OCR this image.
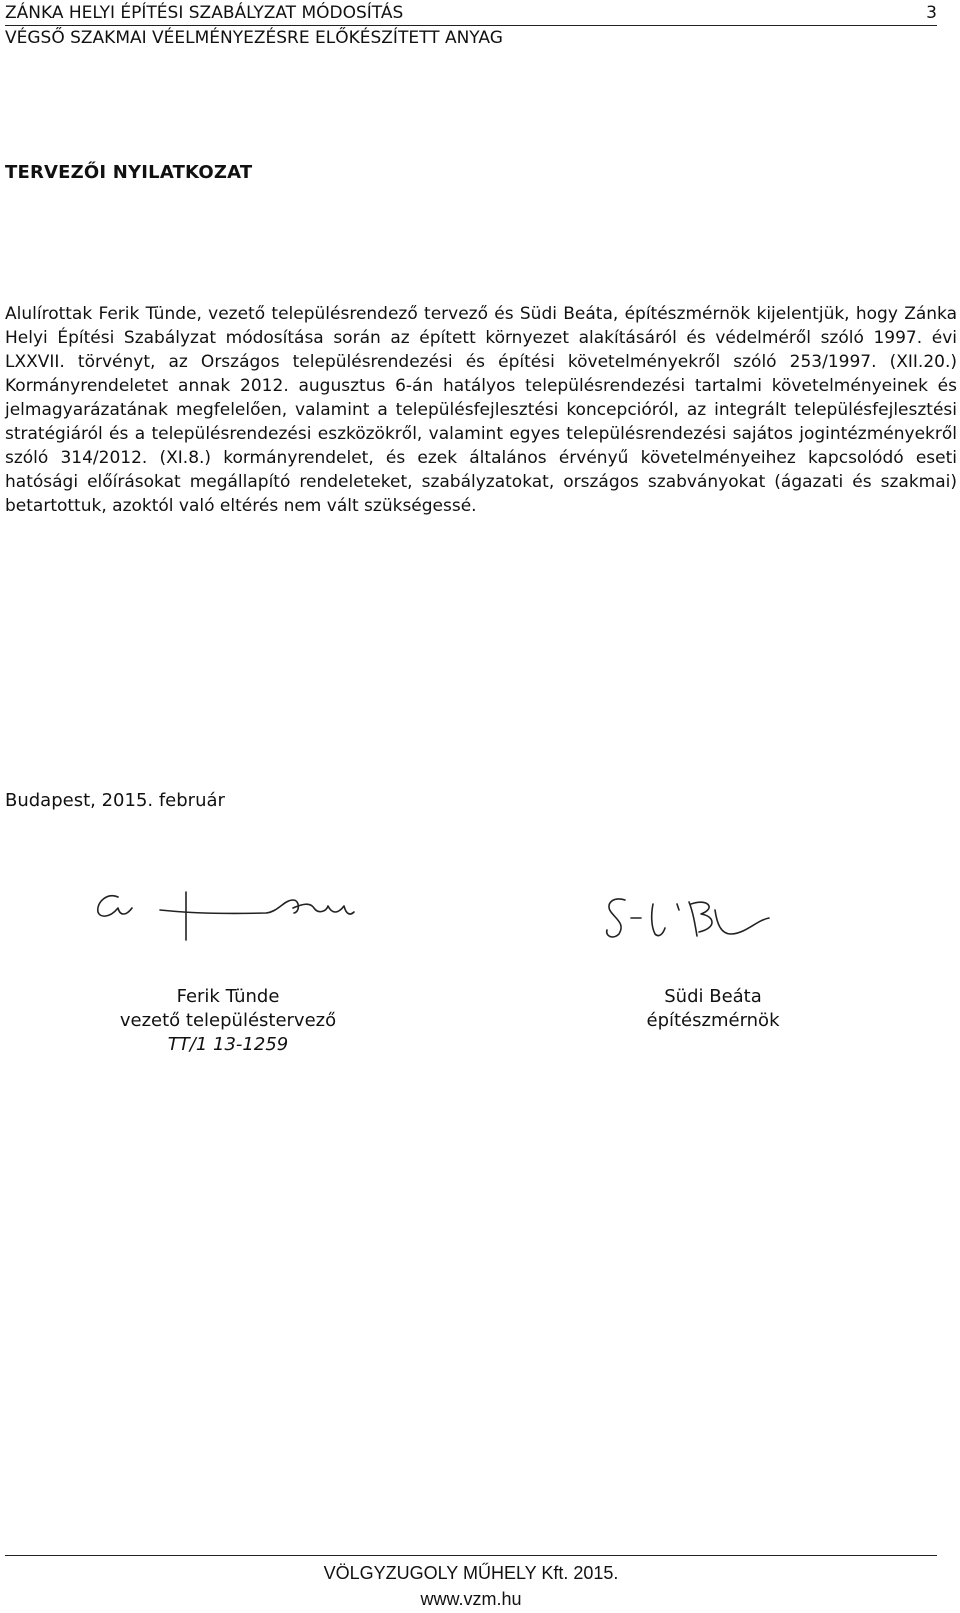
ZÁNKA HELYI ÉPÍTÉSI SZABÁLYZAT MÓDOSÍTÁS	3
VÉGSŐ SZAKMAI VÉELMÉNYEZÉSRE ELŐKÉSZÍTETT ANYAG
TERVEZŐI NYILATKOZAT

Alulírottak Ferik Tünde, vezető településrendező tervező és Südi Beáta, építészmérnök kijelentjük, hogy Zánka Helyi Építési Szabályzat módosítása során az épített környezet alakításáról és védelméről szóló 1997. évi LXXVII. törvényt, az Országos településrendezési és építési követelményekről szóló 253/1997. (XII.20.) Kormányrendeletet annak 2012. augusztus 6-án hatályos településrendezési tartalmi követelményeinek és jelmagyarázatának megfelelően, valamint a településfejlesztési koncepcióról, az integrált településfejlesztési stratégiáról és a településrendezési eszközökről, valamint egyes településrendezési sajátos jogintézményekről szóló 314/2012. (XI.8.) kormányrendelet, és ezek általános érvényű követelményeihez kapcsolódó eseti hatósági előírásokat megállapító rendeleteket, szabályzatokat, országos szabványokat (ágazati és szakmai) betartottuk, azoktól való eltérés nem vált szükségessé.

Budapest, 2015. február
Ferik Tünde
vezető településtervező
TT/1 13-1259
Südi Beáta
építészmérnök
VÖLGYZUGOLY MŰHELY Kft. 2015.
www.vzm.hu
